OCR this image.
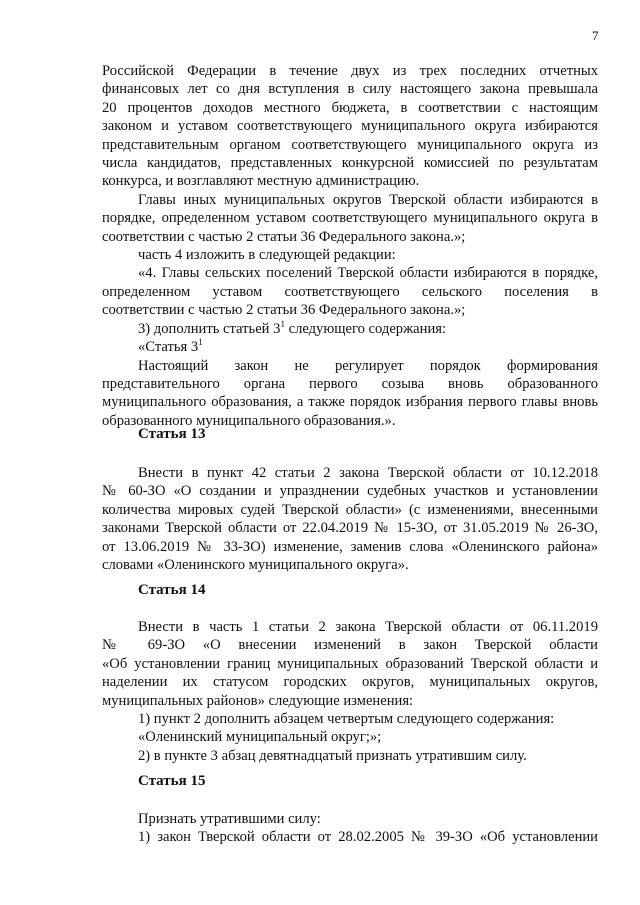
7

Российской Федерации в течение двух из трех последних отчетных

финансовых лет со дня вступления в силу настоящего закона превышала

20 процентов доходов местного бюджета, в соответствии с настоящим

законом и уставом соответствующего муниципального округа избираются

представительным органом соответствующего муниципального округа из

числа кандидатов, представленных конкурсной комиссией по результатам

конкурса, и возглавляют местную администрацию.

Главы иных муниципальных округов Тверской области избираются в

порядке, определенном уставом соответствующего муниципального округа в

соответствии с частью 2 статьи 36 Федерального закона.»;

часть 4 изложить в следующей редакции:

«4. Главы сельских поселений Тверской области избираются в порядке,

определенном уставом соответствующего сельского поселения в

соответствии с частью 2 статьи 36 Федерального закона.»;

3) дополнить статьей $3^1$ следующего содержания:

«Статья $3^1$

Настоящий закон не регулирует порядок формирования

представительного органа первого созыва вновь образованного

муниципального образования, а также порядок избрания первого главы вновь

образованного муниципального образования.».

Статья 13

Внести в пункт 42 статьи 2 закона Тверской области от 10.12.2018

№ 60-ЗО «О создании и упразднении судебных участков и установлении

количества мировых судей Тверской области» (с изменениями, внесенными

законами Тверской области от 22.04.2019 № 15-ЗО, от 31.05.2019 № 26-ЗО,

от 13.06.2019 № 33-ЗО) изменение, заменив слова «Оленинского района»

словами «Оленинского муниципального округа».

Статья 14

Внести в часть 1 статьи 2 закона Тверской области от 06.11.2019

№ 69-ЗО «О внесении изменений в закон Тверской области

«Об установлении границ муниципальных образований Тверской области и

наделении их статусом городских округов, муниципальных округов,

муниципальных районов» следующие изменения:

1) пункт 2 дополнить абзацем четвертым следующего содержания:

«Оленинский муниципальный округ;»;

2) в пункте 3 абзац девятнадцатый признать утратившим силу.

Статья 15

Признать утратившими силу:

1) закон Тверской области от 28.02.2005 № 39-ЗО «Об установлении
